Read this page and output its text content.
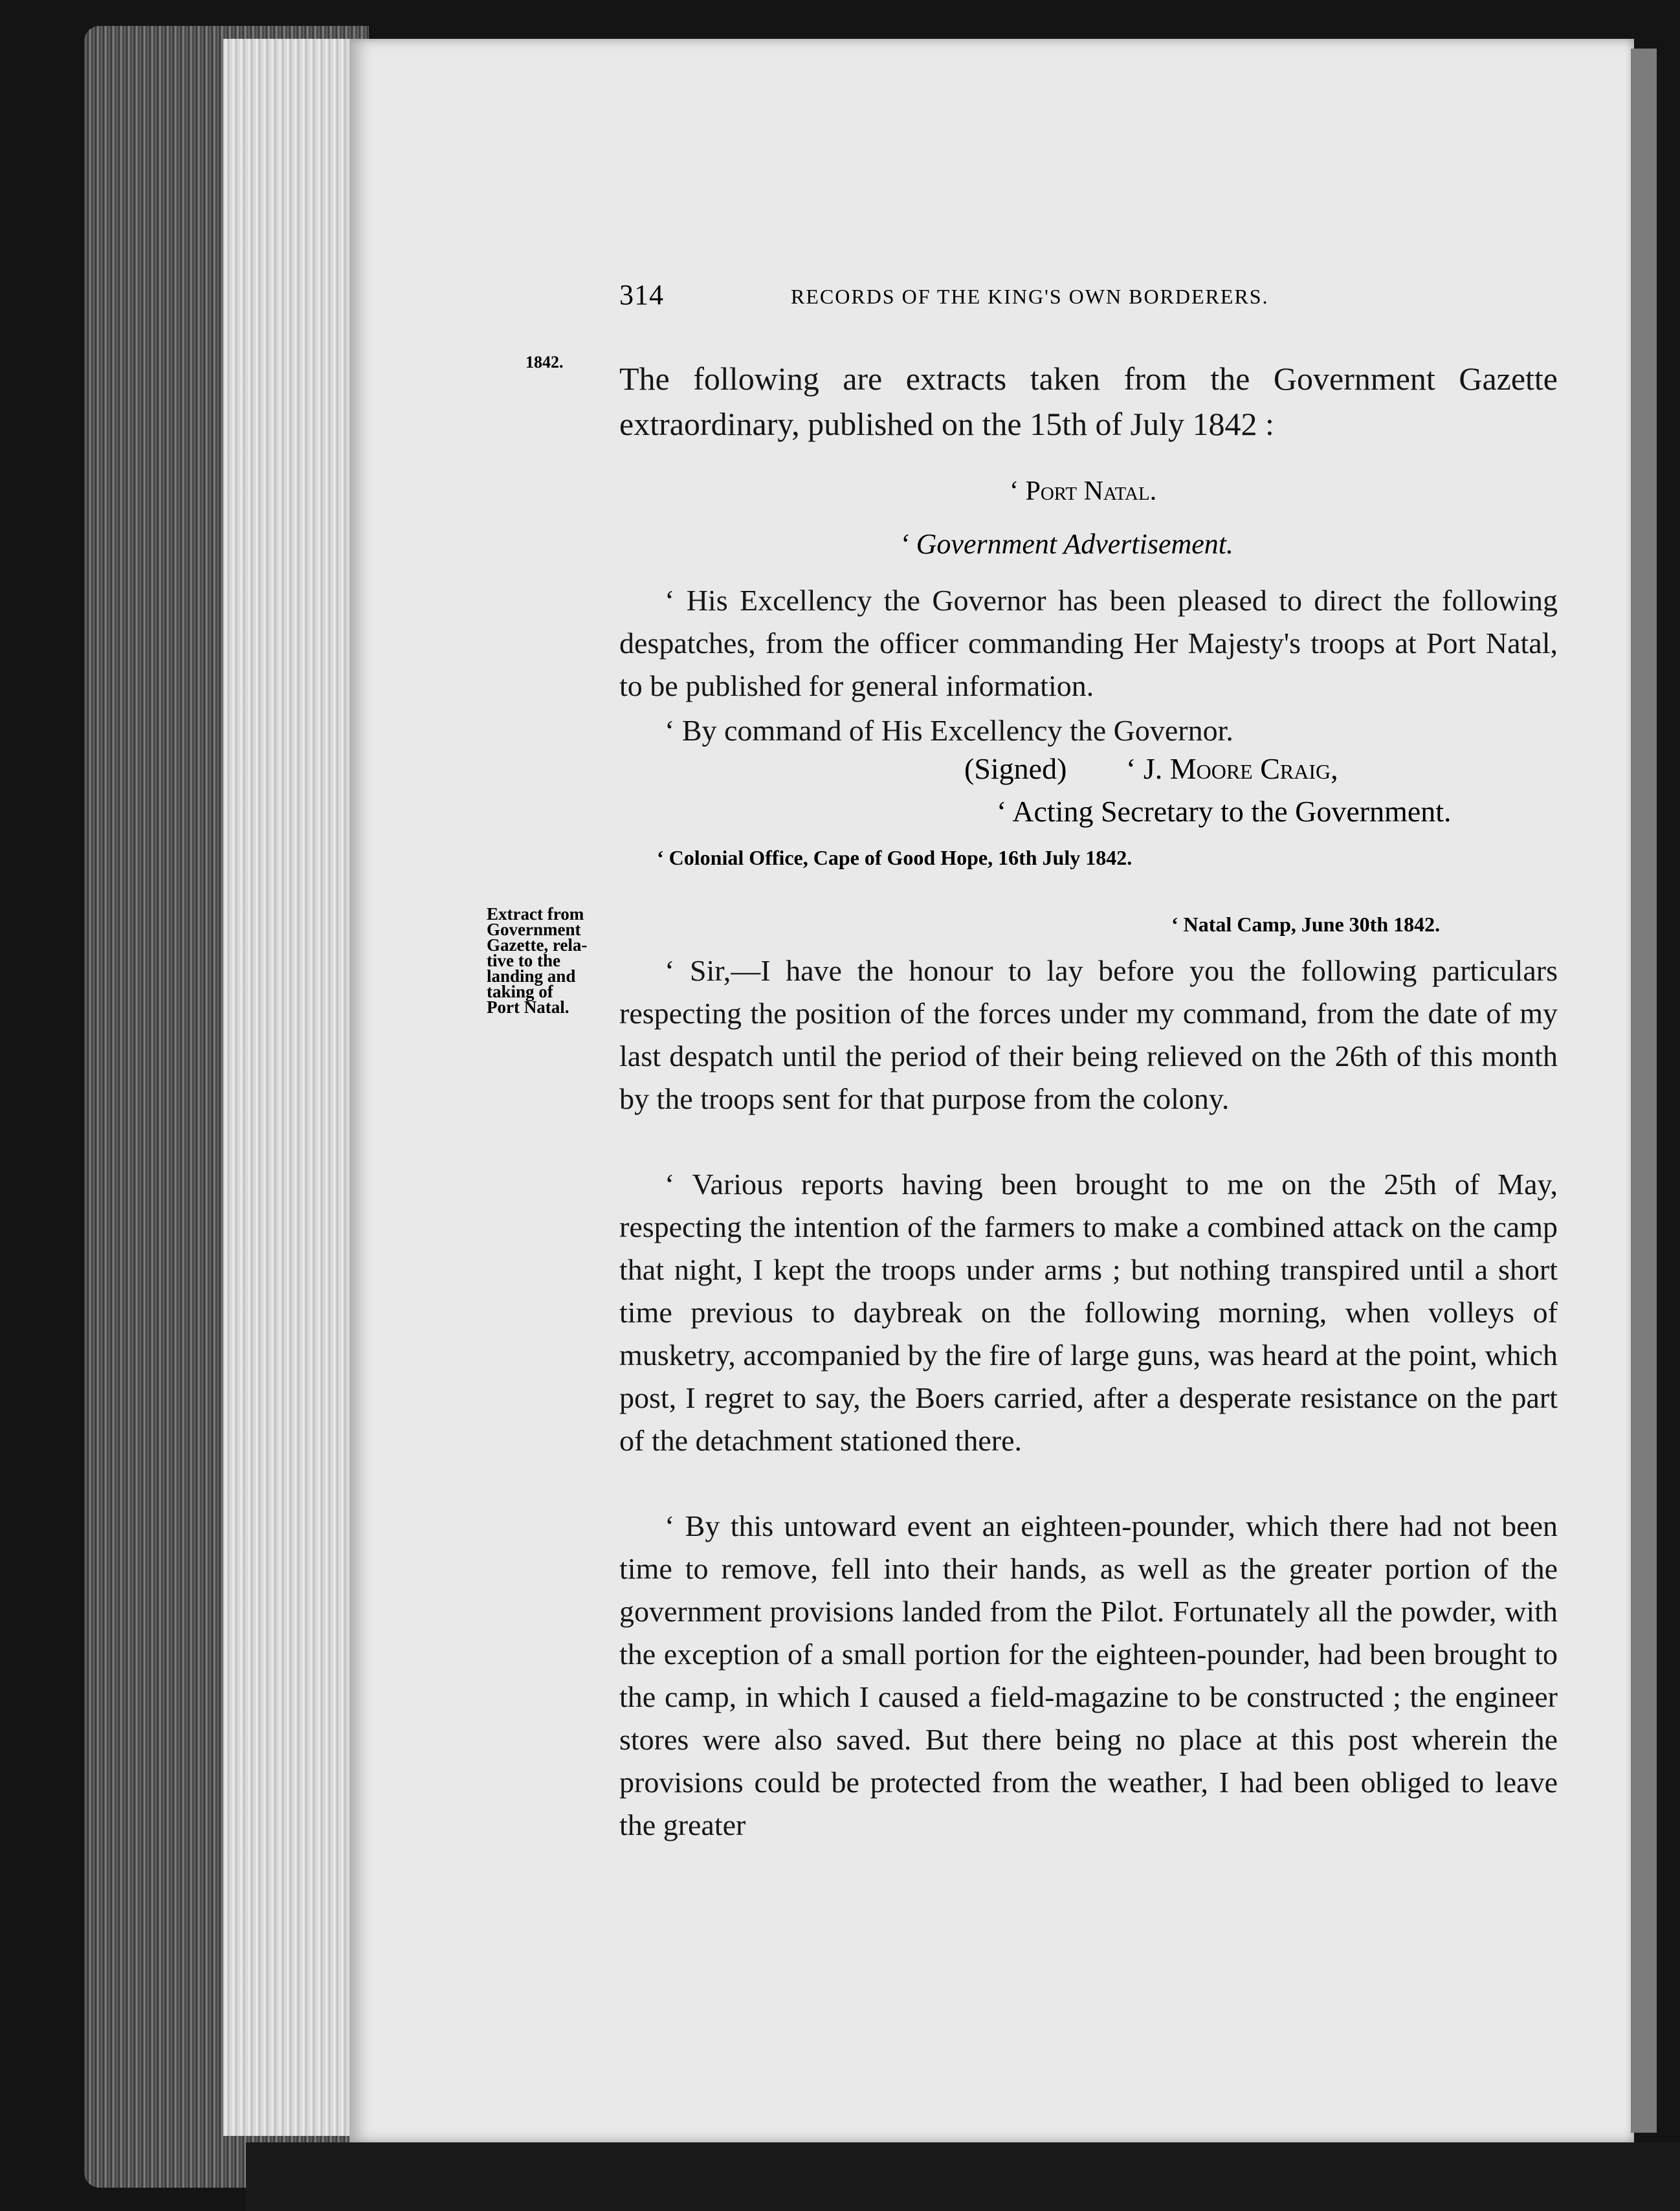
314	RECORDS OF THE KING'S OWN BORDERERS.
1842.
Extract from
Government
Gazette, rela-
tive to the
landing and
taking of
Port Natal.
The following are extracts taken from the Government Gazette extraordinary, published on the 15th of July 1842 :
‘ Port Natal.
‘ Government Advertisement.
‘ His Excellency the Governor has been pleased to direct the following despatches, from the officer commanding Her Majesty's troops at Port Natal, to be published for general information.
‘ By command of His Excellency the Governor.
(Signed) ‘ J. Moore Craig,
‘ Acting Secretary to the Government.
‘ Colonial Office, Cape of Good Hope, 16th July 1842.
‘ Natal Camp, June 30th 1842.
‘ Sir,—I have the honour to lay before you the following particulars respecting the position of the forces under my command, from the date of my last despatch until the period of their being relieved on the 26th of this month by the troops sent for that purpose from the colony.
‘ Various reports having been brought to me on the 25th of May, respecting the intention of the farmers to make a combined attack on the camp that night, I kept the troops under arms ; but nothing transpired until a short time previous to daybreak on the following morning, when volleys of musketry, accompanied by the fire of large guns, was heard at the point, which post, I regret to say, the Boers carried, after a desperate resistance on the part of the detachment stationed there.
‘ By this untoward event an eighteen-pounder, which there had not been time to remove, fell into their hands, as well as the greater portion of the government provisions landed from the Pilot. Fortunately all the powder, with the exception of a small portion for the eighteen-pounder, had been brought to the camp, in which I caused a field-magazine to be constructed ; the engineer stores were also saved. But there being no place at this post wherein the provisions could be protected from the weather, I had been obliged to leave the greater
